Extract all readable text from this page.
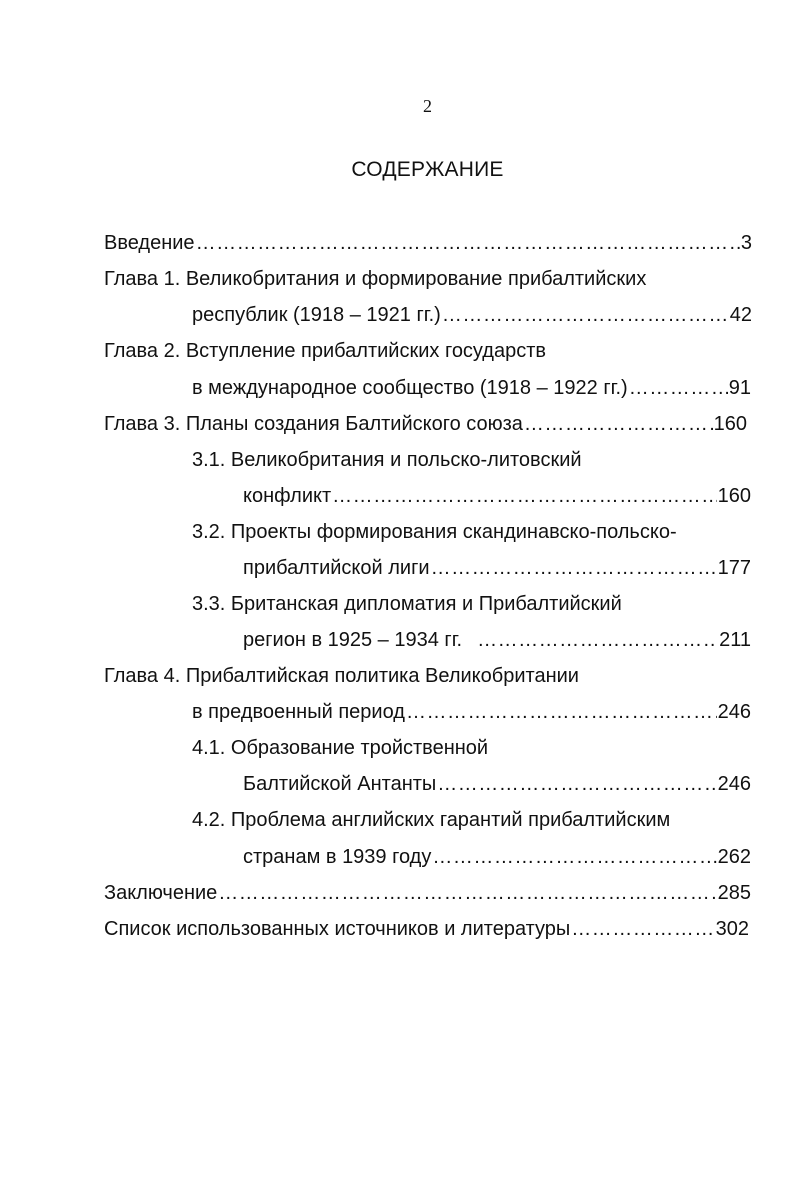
2
СОДЕРЖАНИЕ
Введение ………………………………………………………………………………………………………………………………………………………………………………	3
Глава 1. Великобритания и формирование прибалтийских
республик (1918 – 1921 гг.) ………………………………………………………………………………………………………………………………………………………………………………	42
Глава 2. Вступление прибалтийских государств
в международное сообщество (1918 – 1922 гг.) ………………………………………………………………………………………………………………………………………………………………………………	91
Глава 3. Планы создания Балтийского союза ………………………………………………………………………………………………………………………………………………………………………………	160
3.1. Великобритания и польско-литовский
конфликт ………………………………………………………………………………………………………………………………………………………………………………	160
3.2. Проекты формирования скандинавско-польско-
прибалтийской лиги ………………………………………………………………………………………………………………………………………………………………………………	177
3.3. Британская дипломатия и Прибалтийский
регион в 1925 – 1934 гг. ………………………………………………………………………………………………………………………………………………………………………………	211
Глава 4. Прибалтийская политика Великобритании
в предвоенный период ………………………………………………………………………………………………………………………………………………………………………………	246
4.1. Образование тройственной
Балтийской Антанты ………………………………………………………………………………………………………………………………………………………………………………	246
4.2. Проблема английских гарантий прибалтийским
странам в 1939 году ………………………………………………………………………………………………………………………………………………………………………………	262
Заключение ………………………………………………………………………………………………………………………………………………………………………………	285
Список использованных источников и литературы ………………………………………………………………………………………………………………………………………………………………………………	302
